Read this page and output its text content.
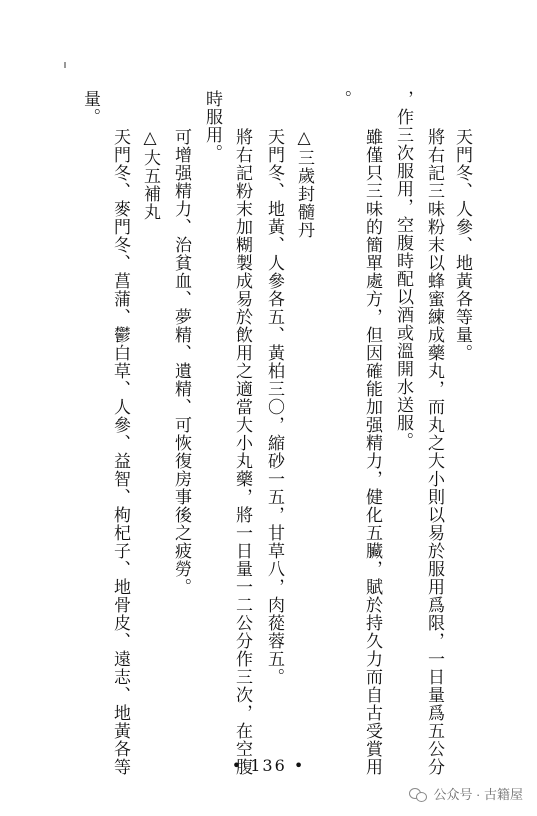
天門冬、人參、地黃各等量。
將右記三味粉末以蜂蜜練成藥丸，而丸之大小則以易於服用爲限，一日量爲五公分
，作三次服用，空腹時配以酒或溫開水送服。
雖僅只三味的簡單處方，但因確能加强精力，健化五臟，賦於持久力而自古受賞用
。
△三歲封髓丹
天門冬、地黃、人參各五、黃柏三〇，縮砂一五，甘草八，肉蓯蓉五。
將右記粉末加糊製成易於飲用之適當大小丸藥，將一日量一二公分作三次，在空腹
時服用。
可增强精力、治貧血、夢精、遺精、可恢復房事後之疲勞。
△大五補丸
天門冬、麥門冬、菖蒲、鬱白草、人參、益智、枸杞子、地骨皮、遠志、地黃各等
量。
• 136 •
公众号 · 古籍屋
